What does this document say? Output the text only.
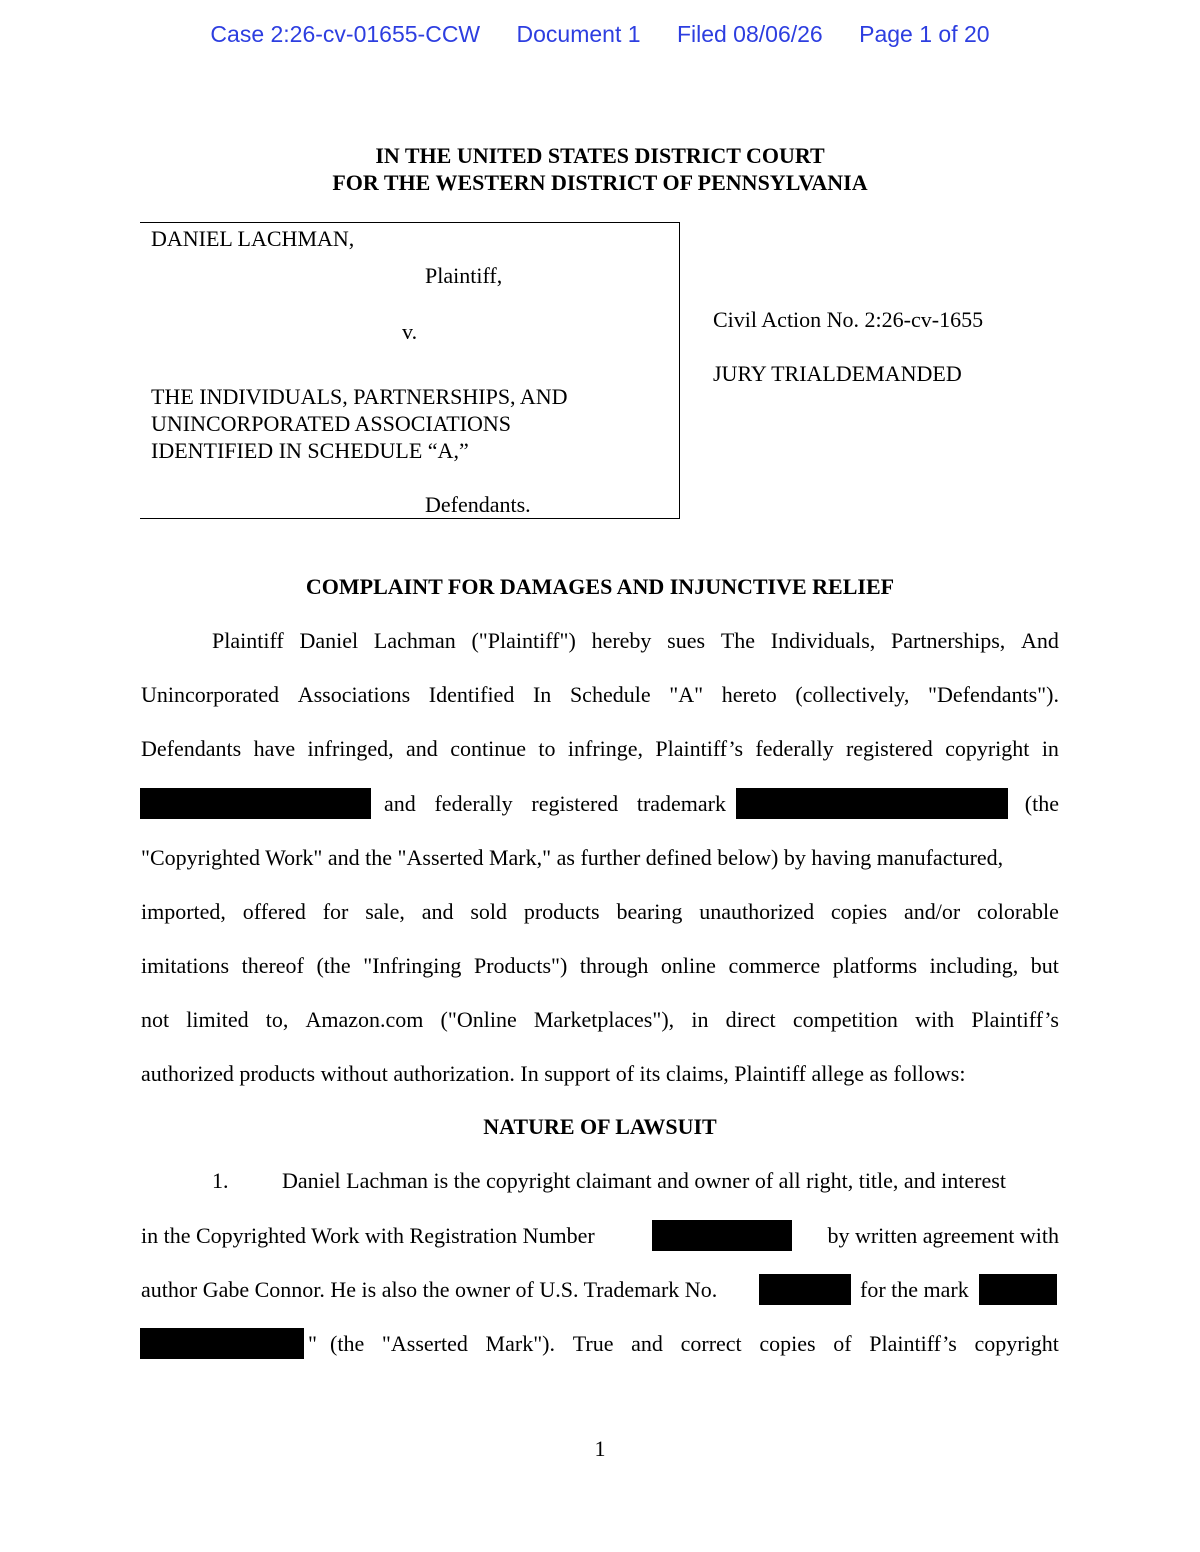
Case 2:26-cv-01655-CCW Document 1 Filed 08/06/26 Page 1 of 20
IN THE UNITED STATES DISTRICT COURT
FOR THE WESTERN DISTRICT OF PENNSYLVANIA
DANIEL LACHMAN,
Plaintiff,
v.
THE INDIVIDUALS, PARTNERSHIPS, AND
UNINCORPORATED ASSOCIATIONS
IDENTIFIED IN SCHEDULE “A,”
Defendants.
Civil Action No. 2:26-cv-1655
JURY TRIALDEMANDED
COMPLAINT FOR DAMAGES AND INJUNCTIVE RELIEF
Plaintiff Daniel Lachman ("Plaintiff") hereby sues The Individuals, Partnerships, And
Unincorporated Associations Identified In Schedule "A" hereto (collectively, "Defendants").
Defendants have infringed, and continue to infringe, Plaintiff’s federally registered copyright in
and federally registered trademark	(the
"Copyrighted Work" and the "Asserted Mark," as further defined below) by having manufactured,
imported, offered for sale, and sold products bearing unauthorized copies and/or colorable
imitations thereof (the "Infringing Products") through online commerce platforms including, but
not limited to, Amazon.com ("Online Marketplaces"), in direct competition with Plaintiff’s
authorized products without authorization. In support of its claims, Plaintiff allege as follows:
NATURE OF LAWSUIT
1. Daniel Lachman is the copyright claimant and owner of all right, title, and interest
in the Copyrighted Work with Registration Number	by written agreement with
author Gabe Connor. He is also the owner of U.S. Trademark No.	for the mark
" (the "Asserted Mark"). True and correct copies of Plaintiff’s copyright
1
